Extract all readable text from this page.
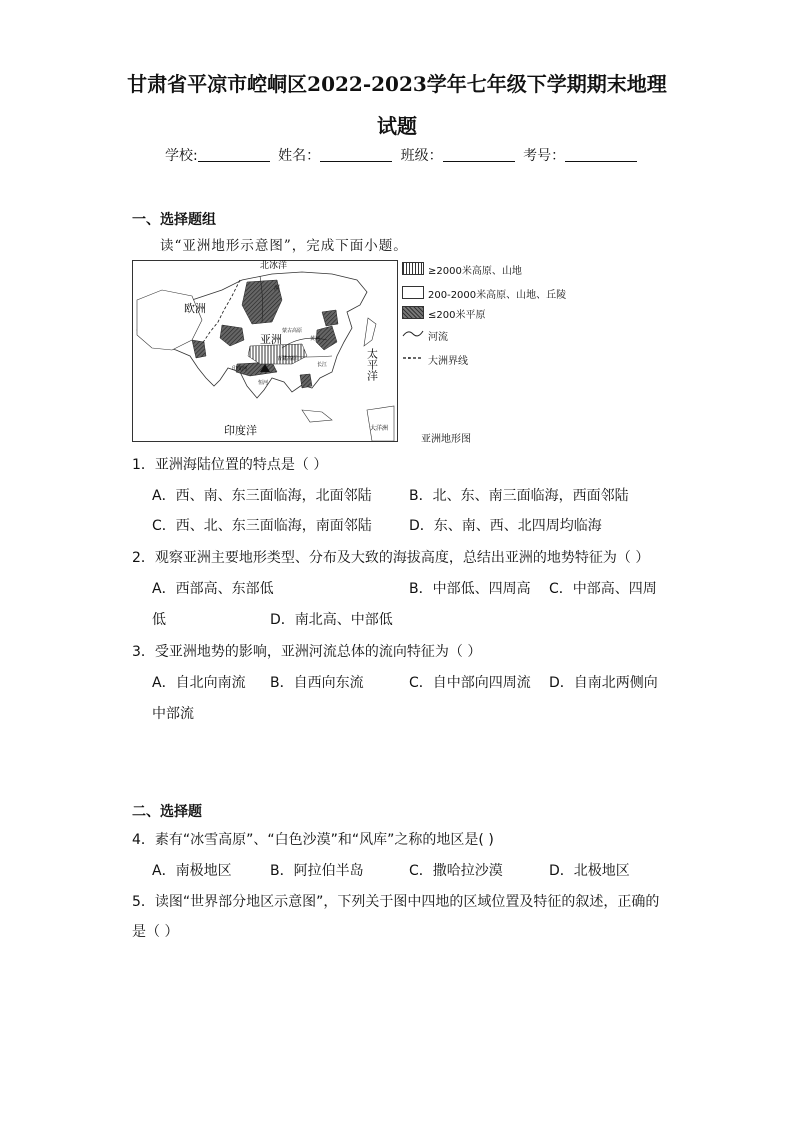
甘肃省平凉市崆峒区2022-2023学年七年级下学期期末地理
试题
学校:	姓名：	班级：	考号：
一、选择题组
读“亚洲地形示意图”，完成下面小题。
北冰洋
欧洲
亚洲
蒙古高原
青藏高原
黄河
长江
印度河
恒河
河
印度洋	大洋洲
太平洋
≥2000米高原、山地
200-2000米高原、山地、丘陵
≤200米平原
河流
大洲界线
亚洲地形图
1．亚洲海陆位置的特点是（ ）
A．西、南、东三面临海，北面邻陆	B．北、东、南三面临海，西面邻陆
C．西、北、东三面临海，南面邻陆	D．东、南、西、北四周均临海
2．观察亚洲主要地形类型、分布及大致的海拔高度，总结出亚洲的地势特征为（ ）
A．西部高、东部低	B．中部低、四周高 C．中部高、四周
低	D．南北高、中部低
3．受亚洲地势的影响，亚洲河流总体的流向特征为（ ）
A．自北向南流 B．自西向东流	C．自中部向四周流 D．自南北两侧向
中部流
二、选择题
4．素有“冰雪高原”、“白色沙漠”和“风库”之称的地区是( )
A．南极地区	B．阿拉伯半岛	C．撒哈拉沙漠	D．北极地区
5．读图“世界部分地区示意图”，下列关于图中四地的区域位置及特征的叙述，正确的
是（ ）
